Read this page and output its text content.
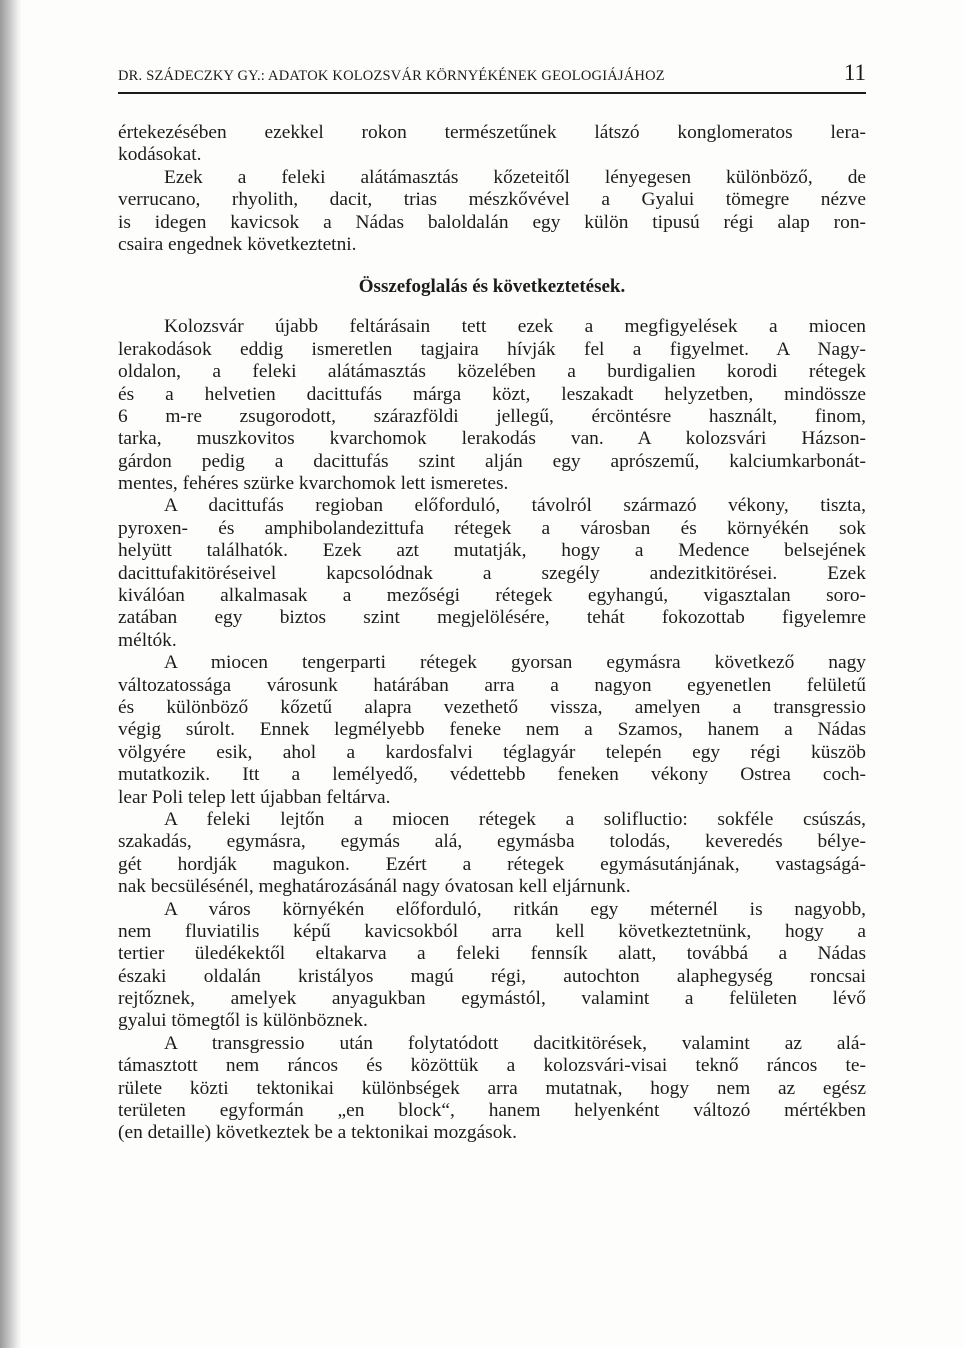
DR. SZÁDECZKY GY.: ADATOK KOLOZSVÁR KÖRNYÉKÉNEK GEOLOGIÁJÁHOZ	11
értekezésében ezekkel rokon természetűnek látszó konglomeratos lera-
kodásokat.
Ezek a feleki alátámasztás kőzeteitől lényegesen különböző, de
verrucano, rhyolith, dacit, trias mészkővével a Gyalui tömegre nézve
is idegen kavicsok a Nádas baloldalán egy külön tipusú régi alap ron-
csaira engednek következtetni.
Összefoglalás és következtetések.
Kolozsvár újabb feltárásain tett ezek a megfigyelések a miocen
lerakodások eddig ismeretlen tagjaira hívják fel a figyelmet. A Nagy-
oldalon, a feleki alátámasztás közelében a burdigalien korodi rétegek
és a helvetien dacittufás márga közt, leszakadt helyzetben, mindössze
6 m-re zsugorodott, szárazföldi jellegű, ércöntésre használt, finom,
tarka, muszkovitos kvarchomok lerakodás van. A kolozsvári Házson-
gárdon pedig a dacittufás szint alján egy aprószemű, kalciumkarbonát-
mentes, fehéres szürke kvarchomok lett ismeretes.
A dacittufás regioban előforduló, távolról származó vékony, tiszta,
pyroxen- és amphibolandezittufa rétegek a városban és környékén sok
helyütt találhatók. Ezek azt mutatják, hogy a Medence belsejének
dacittufakitöréseivel kapcsolódnak a szegély andezitkitörései. Ezek
kiválóan alkalmasak a mezőségi rétegek egyhangú, vigasztalan soro-
zatában egy biztos szint megjelölésére, tehát fokozottab figyelemre
méltók.
A miocen tengerparti rétegek gyorsan egymásra következő nagy
változatossága városunk határában arra a nagyon egyenetlen felületű
és különböző kőzetű alapra vezethető vissza, amelyen a transgressio
végig súrolt. Ennek legmélyebb feneke nem a Szamos, hanem a Nádas
völgyére esik, ahol a kardosfalvi téglagyár telepén egy régi küszöb
mutatkozik. Itt a lemélyedő, védettebb feneken vékony Ostrea coch-
lear Poli telep lett újabban feltárva.
A feleki lejtőn a miocen rétegek a solifluctio: sokféle csúszás,
szakadás, egymásra, egymás alá, egymásba tolodás, keveredés bélye-
gét hordják magukon. Ezért a rétegek egymásutánjának, vastagságá-
nak becsülésénél, meghatározásánál nagy óvatosan kell eljárnunk.
A város környékén előforduló, ritkán egy méternél is nagyobb,
nem fluviatilis képű kavicsokból arra kell következtetnünk, hogy a
tertier üledékektől eltakarva a feleki fennsík alatt, továbbá a Nádas
északi oldalán kristályos magú régi, autochton alaphegység roncsai
rejtőznek, amelyek anyagukban egymástól, valamint a felületen lévő
gyalui tömegtől is különböznek.
A transgressio után folytatódott dacitkitörések, valamint az alá-
támasztott nem ráncos és közöttük a kolozsvári-visai teknő ráncos te-
rülete közti tektonikai különbségek arra mutatnak, hogy nem az egész
területen egyformán „en block“, hanem helyenként változó mértékben
(en detaille) következtek be a tektonikai mozgások.
